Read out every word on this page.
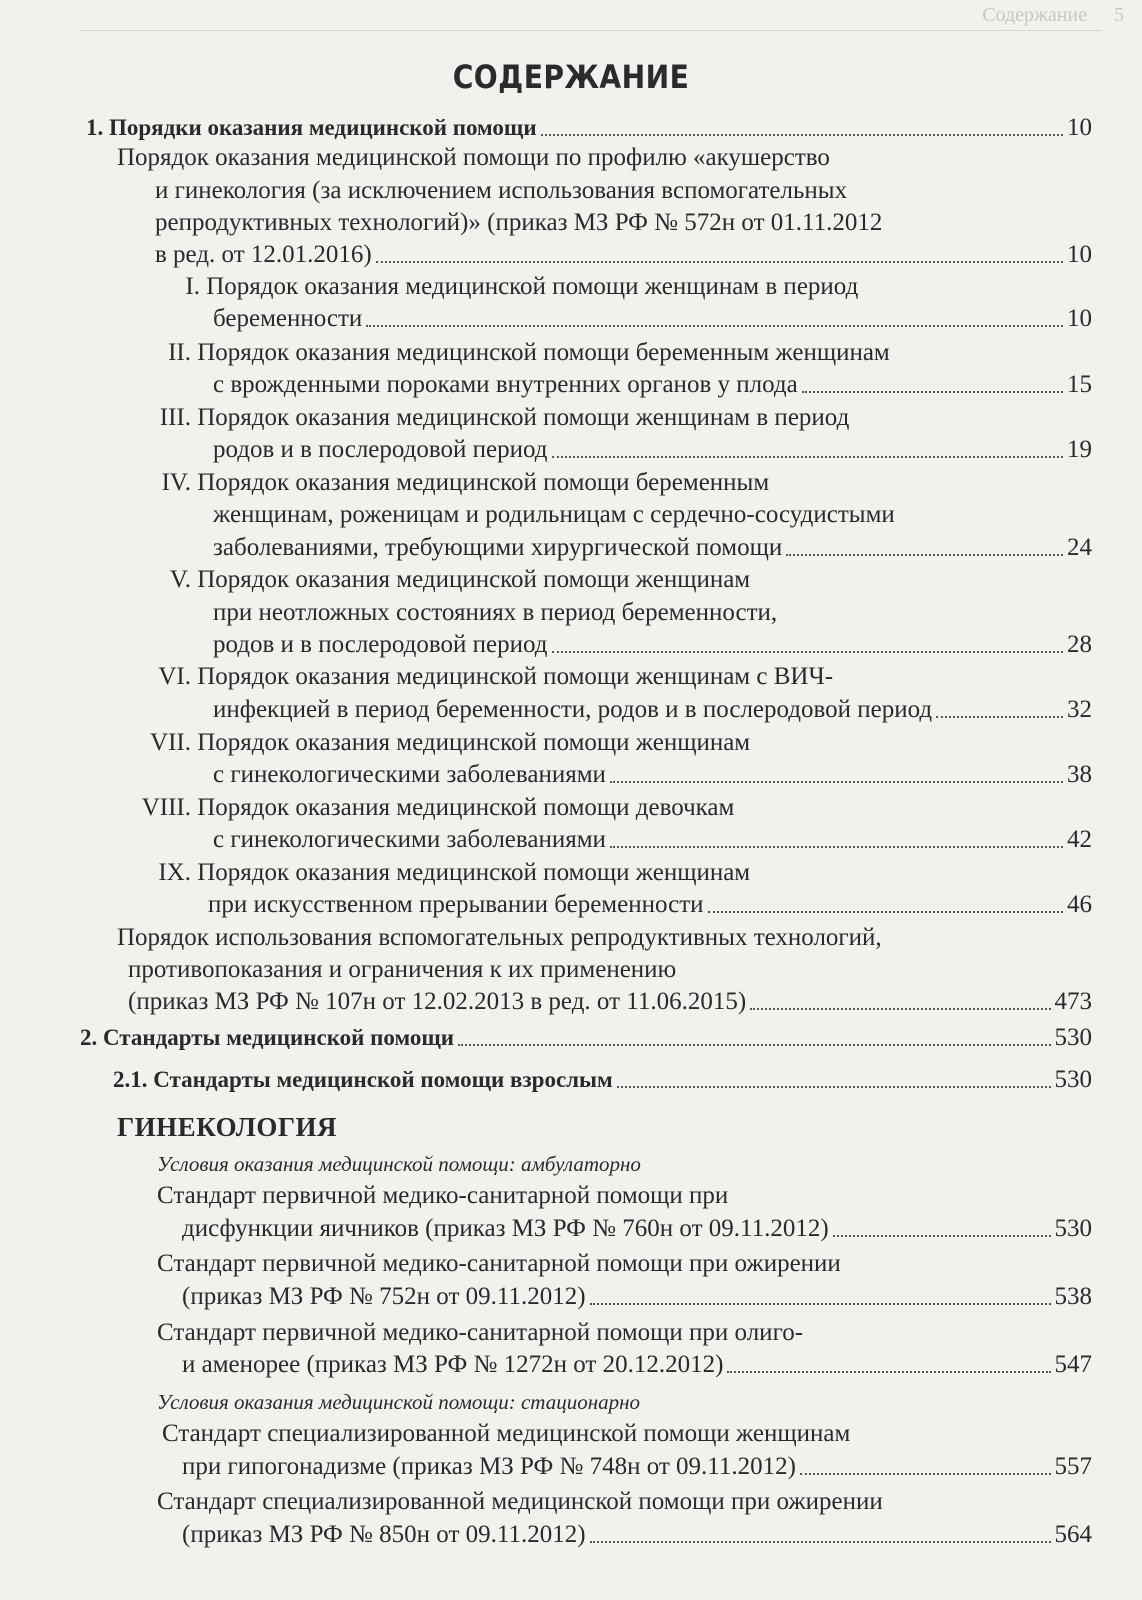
Содержание 5
СОДЕРЖАНИЕ
1. Порядки оказания медицинской помощи	10
Порядок оказания медицинской помощи по профилю «акушерство
и гинекология (за исключением использования вспомогательных
репродуктивных технологий)» (приказ МЗ РФ № 572н от 01.11.2012
в ред. от 12.01.2016)	10
I. Порядок оказания медицинской помощи женщинам в период
беременности	10
II. Порядок оказания медицинской помощи беременным женщинам
с врожденными пороками внутренних органов у плода	15
III. Порядок оказания медицинской помощи женщинам в период
родов и в послеродовой период	19
IV. Порядок оказания медицинской помощи беременным
женщинам, роженицам и родильницам с сердечно-сосудистыми
заболеваниями, требующими хирургической помощи	24
V. Порядок оказания медицинской помощи женщинам
при неотложных состояниях в период беременности,
родов и в послеродовой период	28
VI. Порядок оказания медицинской помощи женщинам с ВИЧ-
инфекцией в период беременности, родов и в послеродовой период	32
VII. Порядок оказания медицинской помощи женщинам
с гинекологическими заболеваниями	38
VIII. Порядок оказания медицинской помощи девочкам
с гинекологическими заболеваниями	42
IX. Порядок оказания медицинской помощи женщинам
при искусственном прерывании беременности	46
Порядок использования вспомогательных репродуктивных технологий,
противопоказания и ограничения к их применению
(приказ МЗ РФ № 107н от 12.02.2013 в ред. от 11.06.2015)	473
2. Стандарты медицинской помощи	530
2.1. Стандарты медицинской помощи взрослым	530
ГИНЕКОЛОГИЯ
Условия оказания медицинской помощи: амбулаторно
Стандарт первичной медико-санитарной помощи при
дисфункции яичников (приказ МЗ РФ № 760н от 09.11.2012)	530
Стандарт первичной медико-санитарной помощи при ожирении
(приказ МЗ РФ № 752н от 09.11.2012)	538
Стандарт первичной медико-санитарной помощи при олиго-
и аменорее (приказ МЗ РФ № 1272н от 20.12.2012)	547
Условия оказания медицинской помощи: стационарно
Стандарт специализированной медицинской помощи женщинам
при гипогонадизме (приказ МЗ РФ № 748н от 09.11.2012)	557
Стандарт специализированной медицинской помощи при ожирении
(приказ МЗ РФ № 850н от 09.11.2012)	564
